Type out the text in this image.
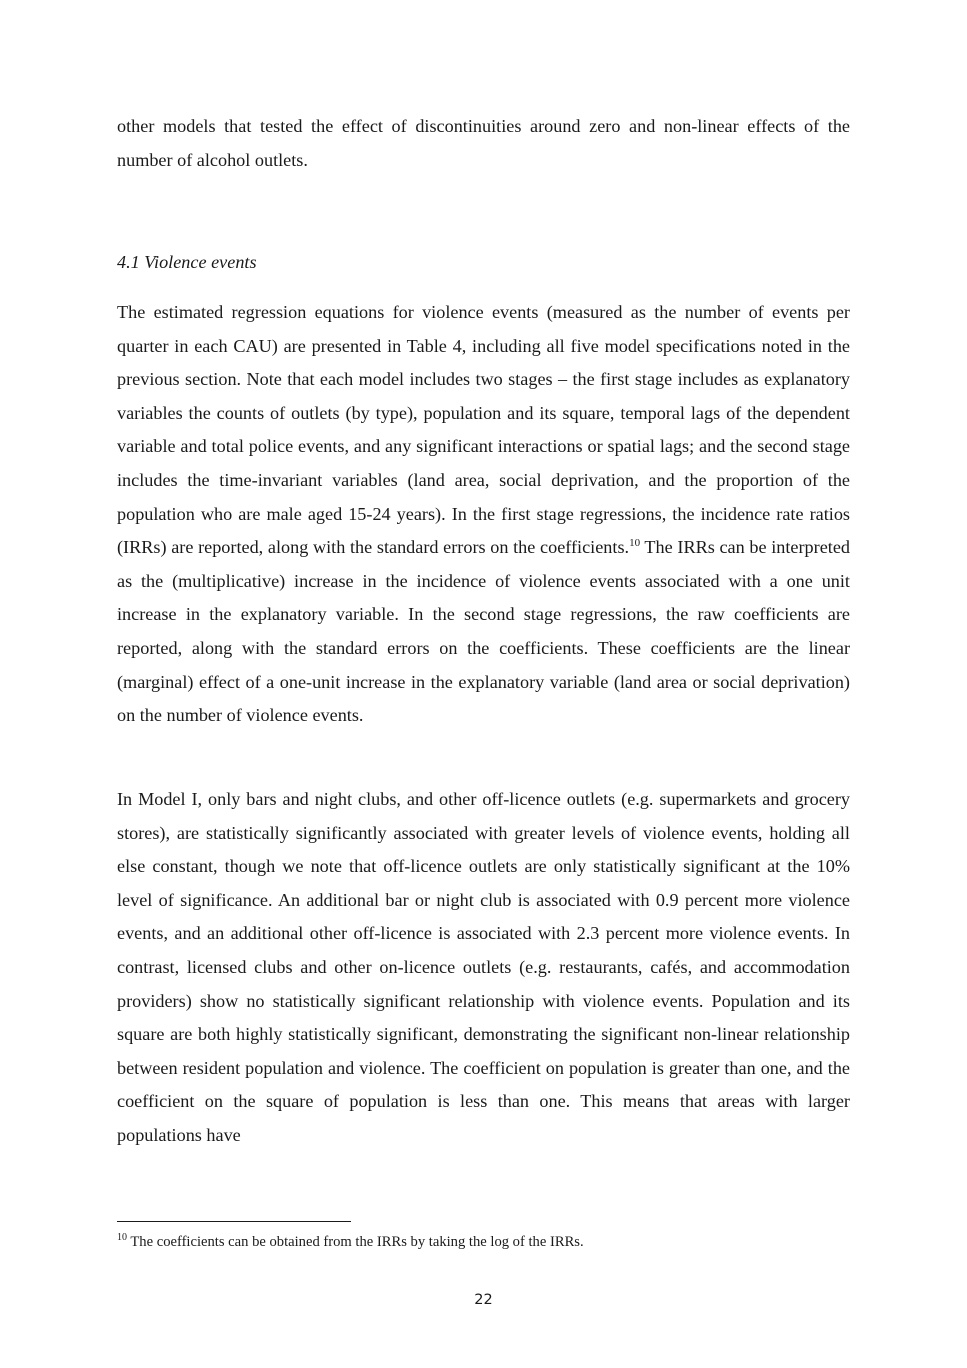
other models that tested the effect of discontinuities around zero and non-linear effects of the number of alcohol outlets.

4.1 Violence events

The estimated regression equations for violence events (measured as the number of events per quarter in each CAU) are presented in Table 4, including all five model specifications noted in the previous section. Note that each model includes two stages – the first stage includes as explanatory variables the counts of outlets (by type), population and its square, temporal lags of the dependent variable and total police events, and any significant interactions or spatial lags; and the second stage includes the time-invariant variables (land area, social deprivation, and the proportion of the population who are male aged 15-24 years). In the first stage regressions, the incidence rate ratios (IRRs) are reported, along with the standard errors on the coefficients.$^{10}$ The IRRs can be interpreted as the (multiplicative) increase in the incidence of violence events associated with a one unit increase in the explanatory variable. In the second stage regressions, the raw coefficients are reported, along with the standard errors on the coefficients. These coefficients are the linear (marginal) effect of a one-unit increase in the explanatory variable (land area or social deprivation) on the number of violence events.

In Model I, only bars and night clubs, and other off-licence outlets (e.g. supermarkets and grocery stores), are statistically significantly associated with greater levels of violence events, holding all else constant, though we note that off-licence outlets are only statistically significant at the 10% level of significance. An additional bar or night club is associated with 0.9 percent more violence events, and an additional other off-licence is associated with 2.3 percent more violence events. In contrast, licensed clubs and other on-licence outlets (e.g. restaurants, cafés, and accommodation providers) show no statistically significant relationship with violence events. Population and its square are both highly statistically significant, demonstrating the significant non-linear relationship between resident population and violence. The coefficient on population is greater than one, and the coefficient on the square of population is less than one. This means that areas with larger populations have

$^{10}$ The coefficients can be obtained from the IRRs by taking the log of the IRRs.

22
